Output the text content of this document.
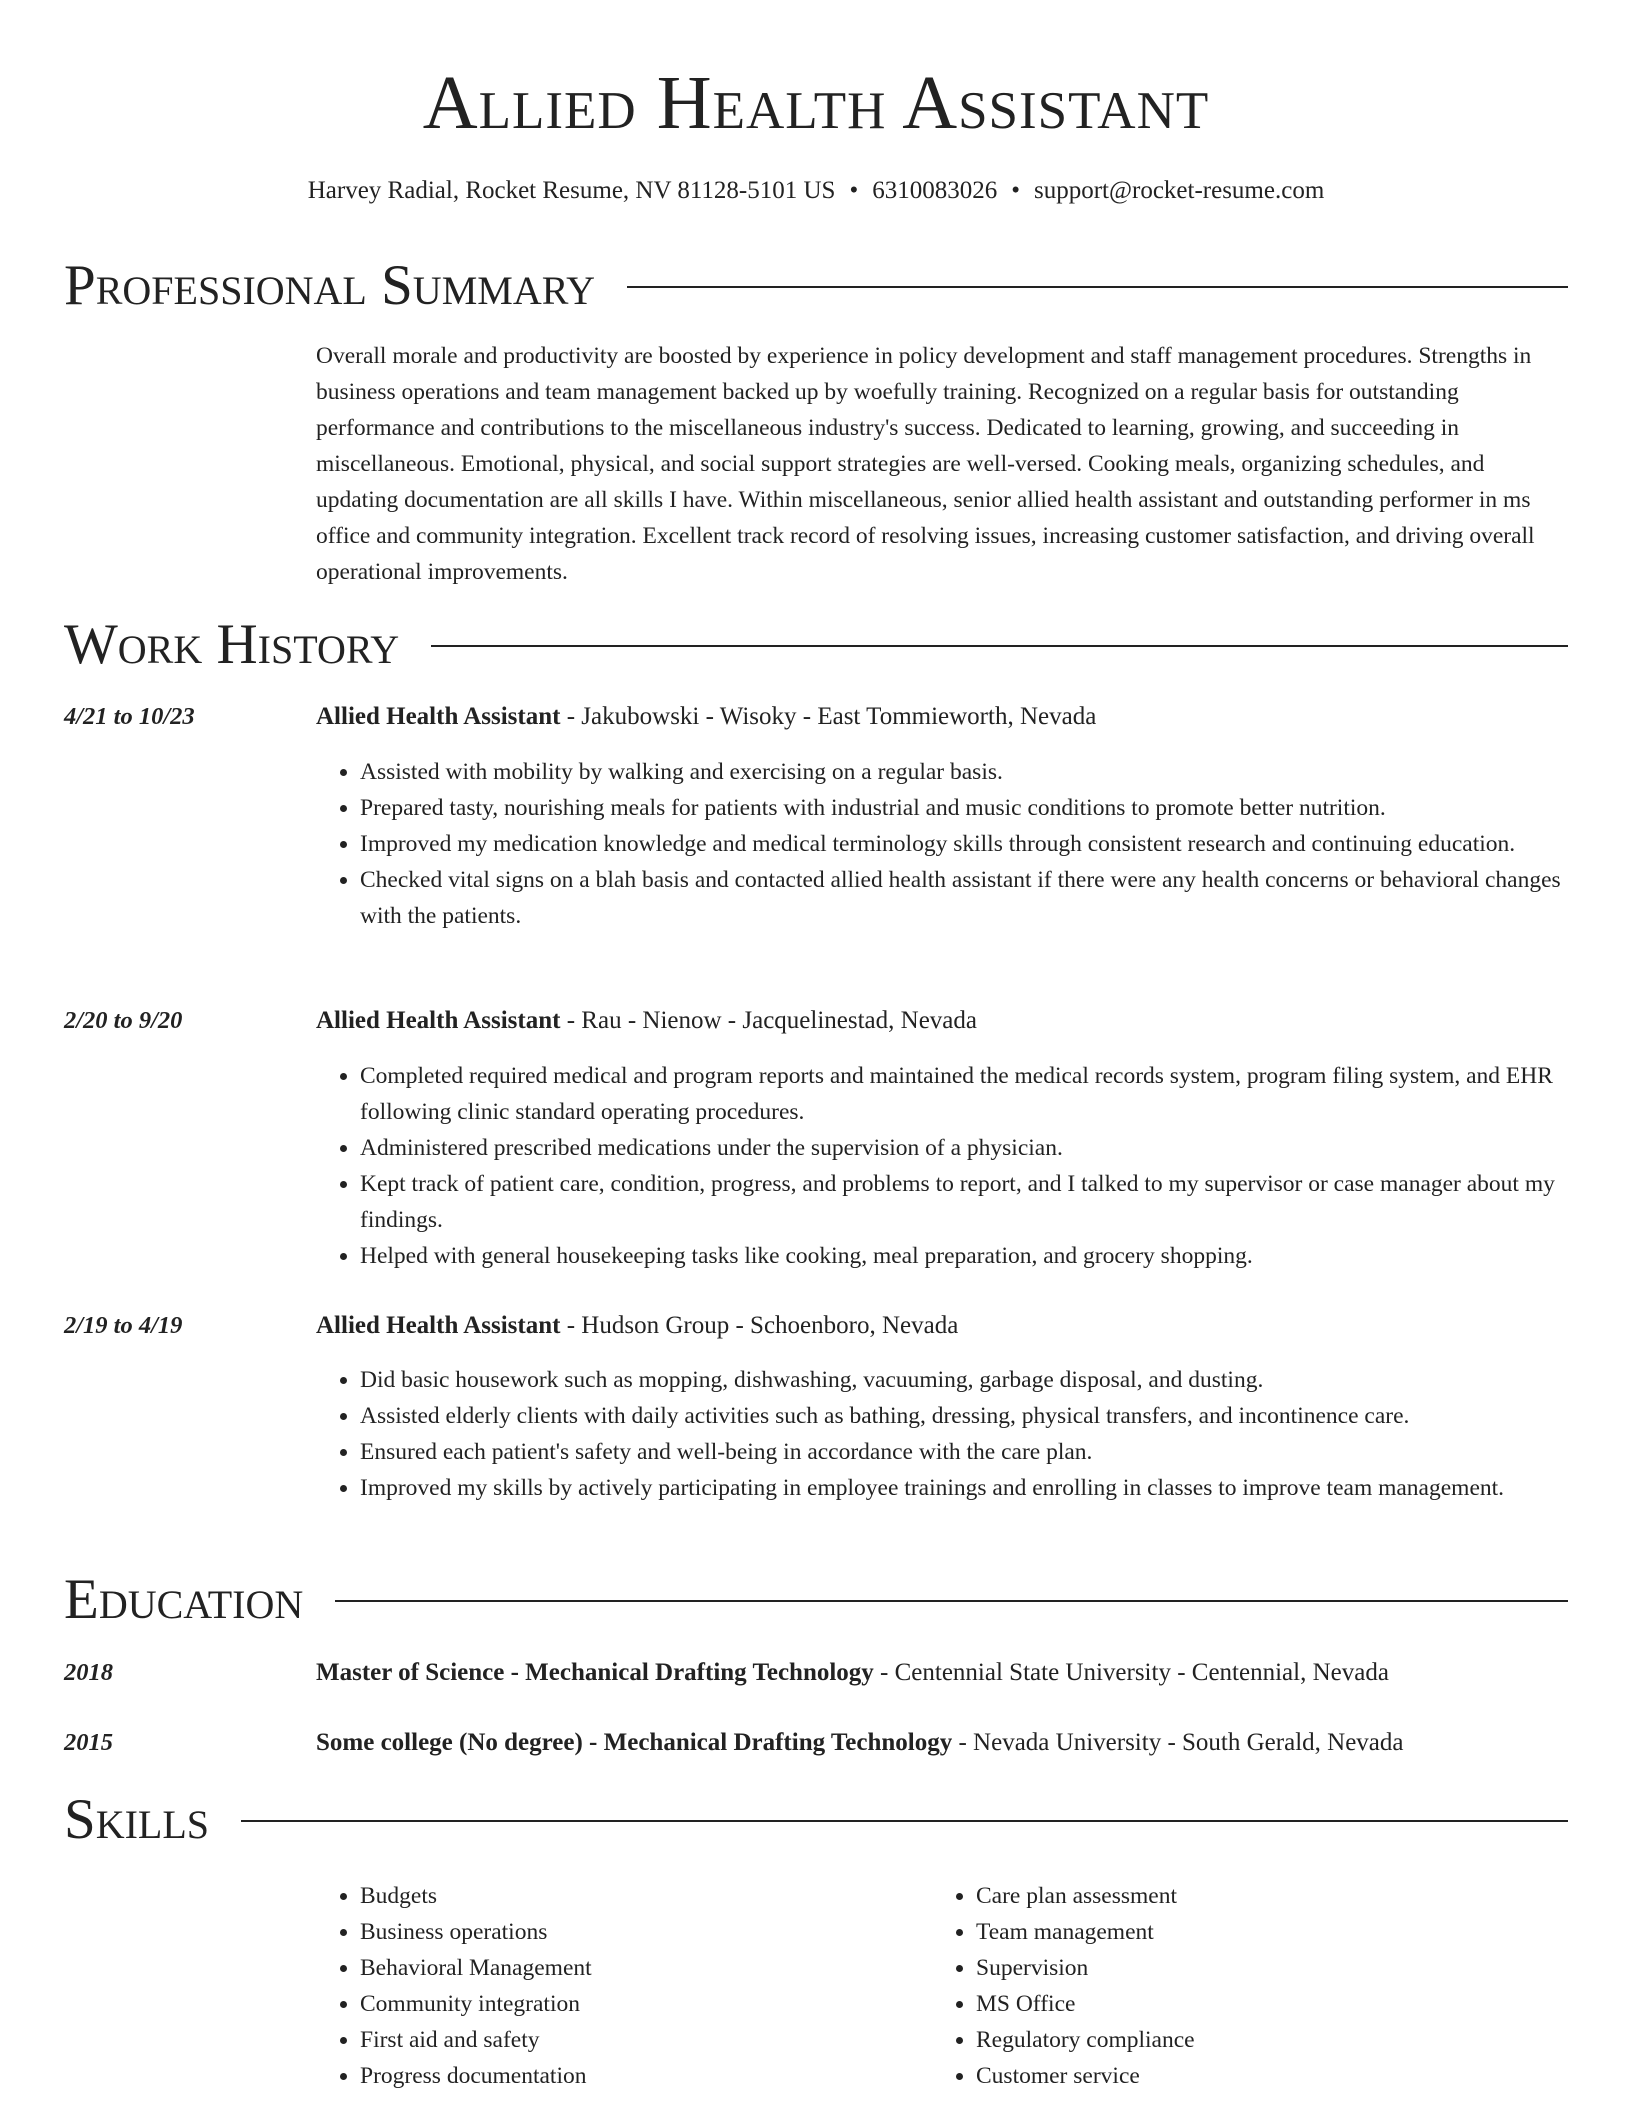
Allied Health Assistant
Harvey Radial, Rocket Resume, NV 81128-5101 US • 6310083026 • support@rocket-resume.com
Professional Summary

Overall morale and productivity are boosted by experience in policy development and staff management procedures. Strengths in business operations and team management backed up by woefully training. Recognized on a regular basis for outstanding performance and contributions to the miscellaneous industry's success. Dedicated to learning, growing, and succeeding in miscellaneous. Emotional, physical, and social support strategies are well-versed. Cooking meals, organizing schedules, and updating documentation are all skills I have. Within miscellaneous, senior allied health assistant and outstanding performer in ms office and community integration. Excellent track record of resolving issues, increasing customer satisfaction, and driving overall operational improvements.

Work History
4/21 to 10/23	Allied Health Assistant - Jakubowski - Wisoky - East Tommieworth, Nevada
• Assisted with mobility by walking and exercising on a regular basis.
• Prepared tasty, nourishing meals for patients with industrial and music conditions to promote better nutrition.
• Improved my medication knowledge and medical terminology skills through consistent research and continuing education.
• Checked vital signs on a blah basis and contacted allied health assistant if there were any health concerns or behavioral changes with the patients.
2/20 to 9/20	Allied Health Assistant - Rau - Nienow - Jacquelinestad, Nevada
• Completed required medical and program reports and maintained the medical records system, program filing system, and EHR following clinic standard operating procedures.
• Administered prescribed medications under the supervision of a physician.
• Kept track of patient care, condition, progress, and problems to report, and I talked to my supervisor or case manager about my findings.
• Helped with general housekeeping tasks like cooking, meal preparation, and grocery shopping.
2/19 to 4/19	Allied Health Assistant - Hudson Group - Schoenboro, Nevada
• Did basic housework such as mopping, dishwashing, vacuuming, garbage disposal, and dusting.
• Assisted elderly clients with daily activities such as bathing, dressing, physical transfers, and incontinence care.
• Ensured each patient's safety and well-being in accordance with the care plan.
• Improved my skills by actively participating in employee trainings and enrolling in classes to improve team management.
Education
2018	Master of Science - Mechanical Drafting Technology - Centennial State University - Centennial, Nevada
2015	Some college (No degree) - Mechanical Drafting Technology - Nevada University - South Gerald, Nevada
Skills
• Budgets
• Business operations
• Behavioral Management
• Community integration
• First aid and safety
• Progress documentation
• Care plan assessment
• Team management
• Supervision
• MS Office
• Regulatory compliance
• Customer service
